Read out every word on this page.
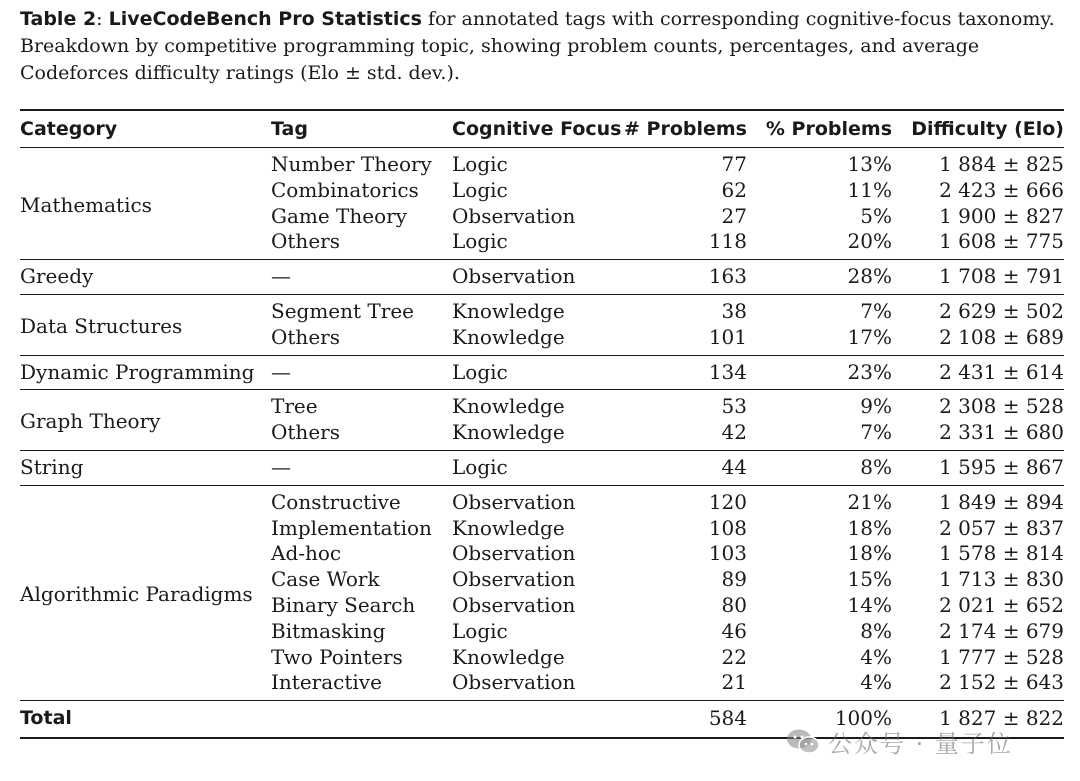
Table 2: LiveCodeBench Pro Statistics for annotated tags with corresponding cognitive-focus taxonomy. Breakdown by competitive programming topic, showing problem counts, percentages, and average Codeforces difficulty ratings (Elo ± std. dev.).
Category	Tag	Cognitive Focus	# Problems	% Problems	Difficulty (Elo)
Mathematics	Number Theory	Logic	77	13%	1 884 ± 825
	Combinatorics	Logic	62	11%	2 423 ± 666
	Game Theory	Observation	27	5%	1 900 ± 827
	Others	Logic	118	20%	1 608 ± 775
Greedy	—	Observation	163	28%	1 708 ± 791
Data Structures	Segment Tree	Knowledge	38	7%	2 629 ± 502
	Others	Knowledge	101	17%	2 108 ± 689
Dynamic Programming	—	Logic	134	23%	2 431 ± 614
Graph Theory	Tree	Knowledge	53	9%	2 308 ± 528
	Others	Knowledge	42	7%	2 331 ± 680
String	—	Logic	44	8%	1 595 ± 867
Algorithmic Paradigms	Constructive	Observation	120	21%	1 849 ± 894
	Implementation	Knowledge	108	18%	2 057 ± 837
	Ad-hoc	Observation	103	18%	1 578 ± 814
	Case Work	Observation	89	15%	1 713 ± 830
	Binary Search	Observation	80	14%	2 021 ± 652
	Bitmasking	Logic	46	8%	2 174 ± 679
	Two Pointers	Knowledge	22	4%	1 777 ± 528
	Interactive	Observation	21	4%	2 152 ± 643
Total			584	100%	1 827 ± 822
公众号 · 量子位
